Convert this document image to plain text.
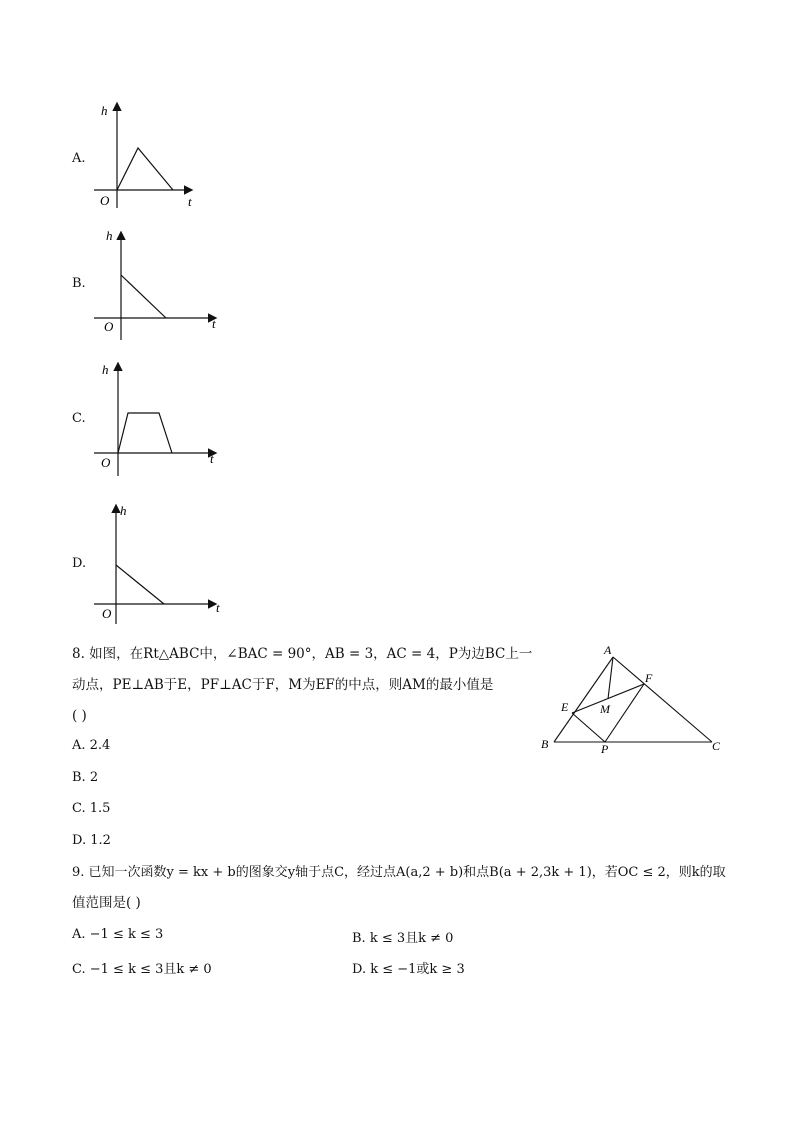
A.
h
O	t
B.
h
O	t
C.
h
O	t
D.
h
O	t
8. 如图，在Rt△ABC中，∠BAC = 90°，AB = 3，AC = 4，P为边BC上一
动点，PE⊥AB于E，PF⊥AC于F，M为EF的中点，则AM的最小值是
( )
A. 2.4
B. 2
C. 1.5
D. 1.2
A
B	C
E
F
M
P
9. 已知一次函数y = kx + b的图象交y轴于点C，经过点A(a,2 + b)和点B(a + 2,3k + 1)，若OC ≤ 2，则k的取
值范围是( )
A. −1 ≤ k ≤ 3	B. k ≤ 3且k ≠ 0
C. −1 ≤ k ≤ 3且k ≠ 0	D. k ≤ −1或k ≥ 3
